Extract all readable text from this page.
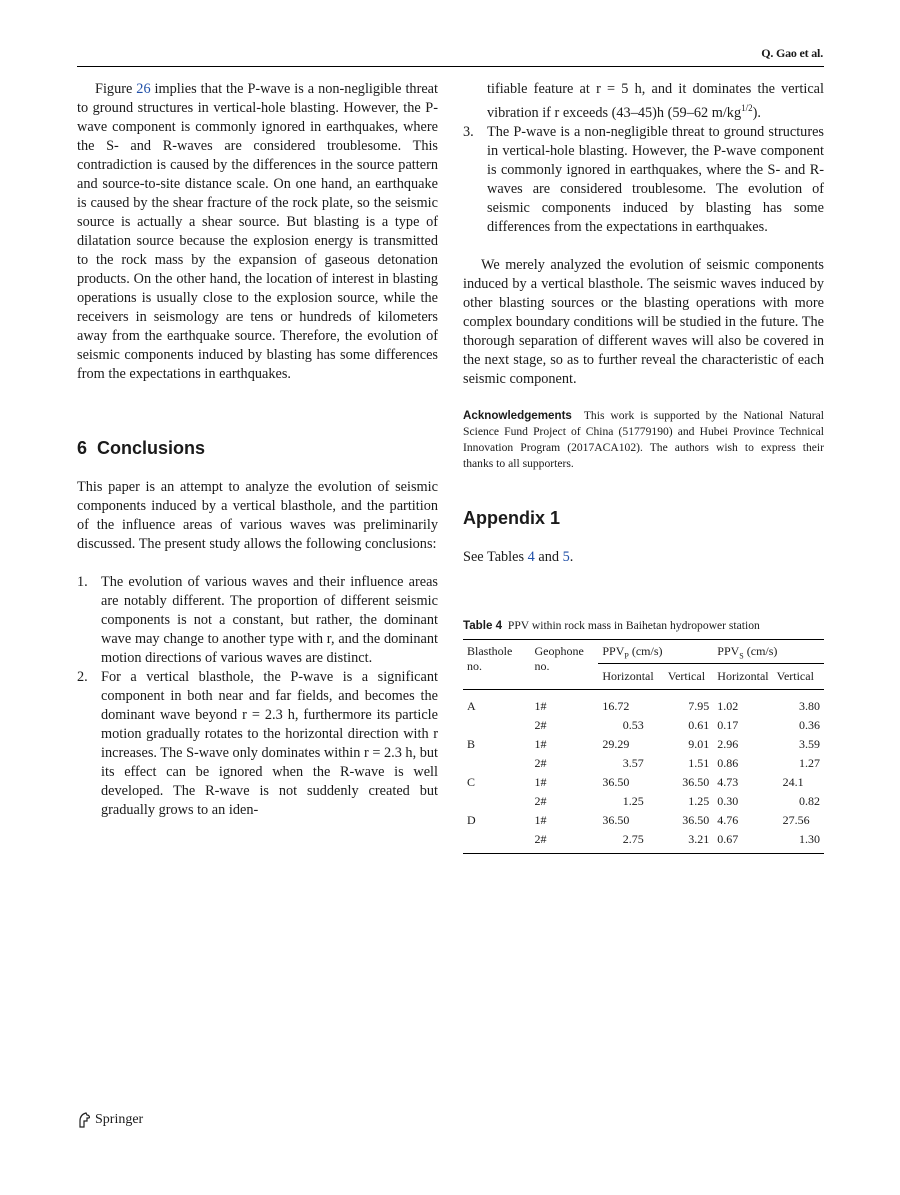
Q. Gao et al.

Figure 26 implies that the P-wave is a non-negligible threat to ground structures in vertical-hole blasting. However, the P-wave component is commonly ignored in earthquakes, where the S- and R-waves are considered troublesome. This contradiction is caused by the differences in the source pattern and source-to-site distance scale. On one hand, an earthquake is caused by the shear fracture of the rock plate, so the seismic source is actually a shear source. But blasting is a type of dilatation source because the explosion energy is transmitted to the rock mass by the expansion of gaseous detonation products. On the other hand, the location of interest in blasting operations is usually close to the explosion source, while the receivers in seismology are tens or hundreds of kilometers away from the earthquake source. Therefore, the evolution of seismic components induced by blasting has some differences from the expectations in earthquakes.

6 Conclusions

This paper is an attempt to analyze the evolution of seismic components induced by a vertical blasthole, and the partition of the influence areas of various waves was preliminarily discussed. The present study allows the following conclusions:

1. The evolution of various waves and their influence areas are notably different. The proportion of different seismic components is not a constant, but rather, the dominant wave may change to another type with r, and the dominant motion directions of various waves are distinct.
2. For a vertical blasthole, the P-wave is a significant component in both near and far fields, and becomes the dominant wave beyond r = 2.3 h, furthermore its particle motion gradually rotates to the horizontal direction with r increases. The S-wave only dominates within r = 2.3 h, but its effect can be ignored when the R-wave is well developed. The R-wave is not suddenly created but gradually grows to an iden-
tifiable feature at r = 5 h, and it dominates the vertical vibration if r exceeds (43–45)h (59–62 $m/kg^{1/2}$).
3. The P-wave is a non-negligible threat to ground structures in vertical-hole blasting. However, the P-wave component is commonly ignored in earthquakes, where the S- and R-waves are considered troublesome. The evolution of seismic components induced by blasting has some differences from the expectations in earthquakes.

We merely analyzed the evolution of seismic components induced by a vertical blasthole. The seismic waves induced by other blasting sources or the blasting operations with more complex boundary conditions will be studied in the future. The thorough separation of different waves will also be covered in the next stage, so as to further reveal the characteristic of each seismic component.

Acknowledgements This work is supported by the National Natural Science Fund Project of China (51779190) and Hubei Province Technical Innovation Program (2017ACA102). The authors wish to express their thanks to all supporters.

Appendix 1

See Tables 4 and 5.

Table 4 PPV within rock mass in Baihetan hydropower station
Blasthole no.	Geophone no.	$PPV_P$ (cm/s)		$PPV_S$ (cm/s)	
		Horizontal	Vertical	Horizontal	Vertical
A	1#	16.72	7.95	1.02	3.80
	2#	0.53	0.61	0.17	0.36
B	1#	29.29	9.01	2.96	3.59
	2#	3.57	1.51	0.86	1.27
C	1#	36.50	36.50	4.73	24.1
	2#	1.25	1.25	0.30	0.82
D	1#	36.50	36.50	4.76	27.56
	2#	2.75	3.21	0.67	1.30
Springer
